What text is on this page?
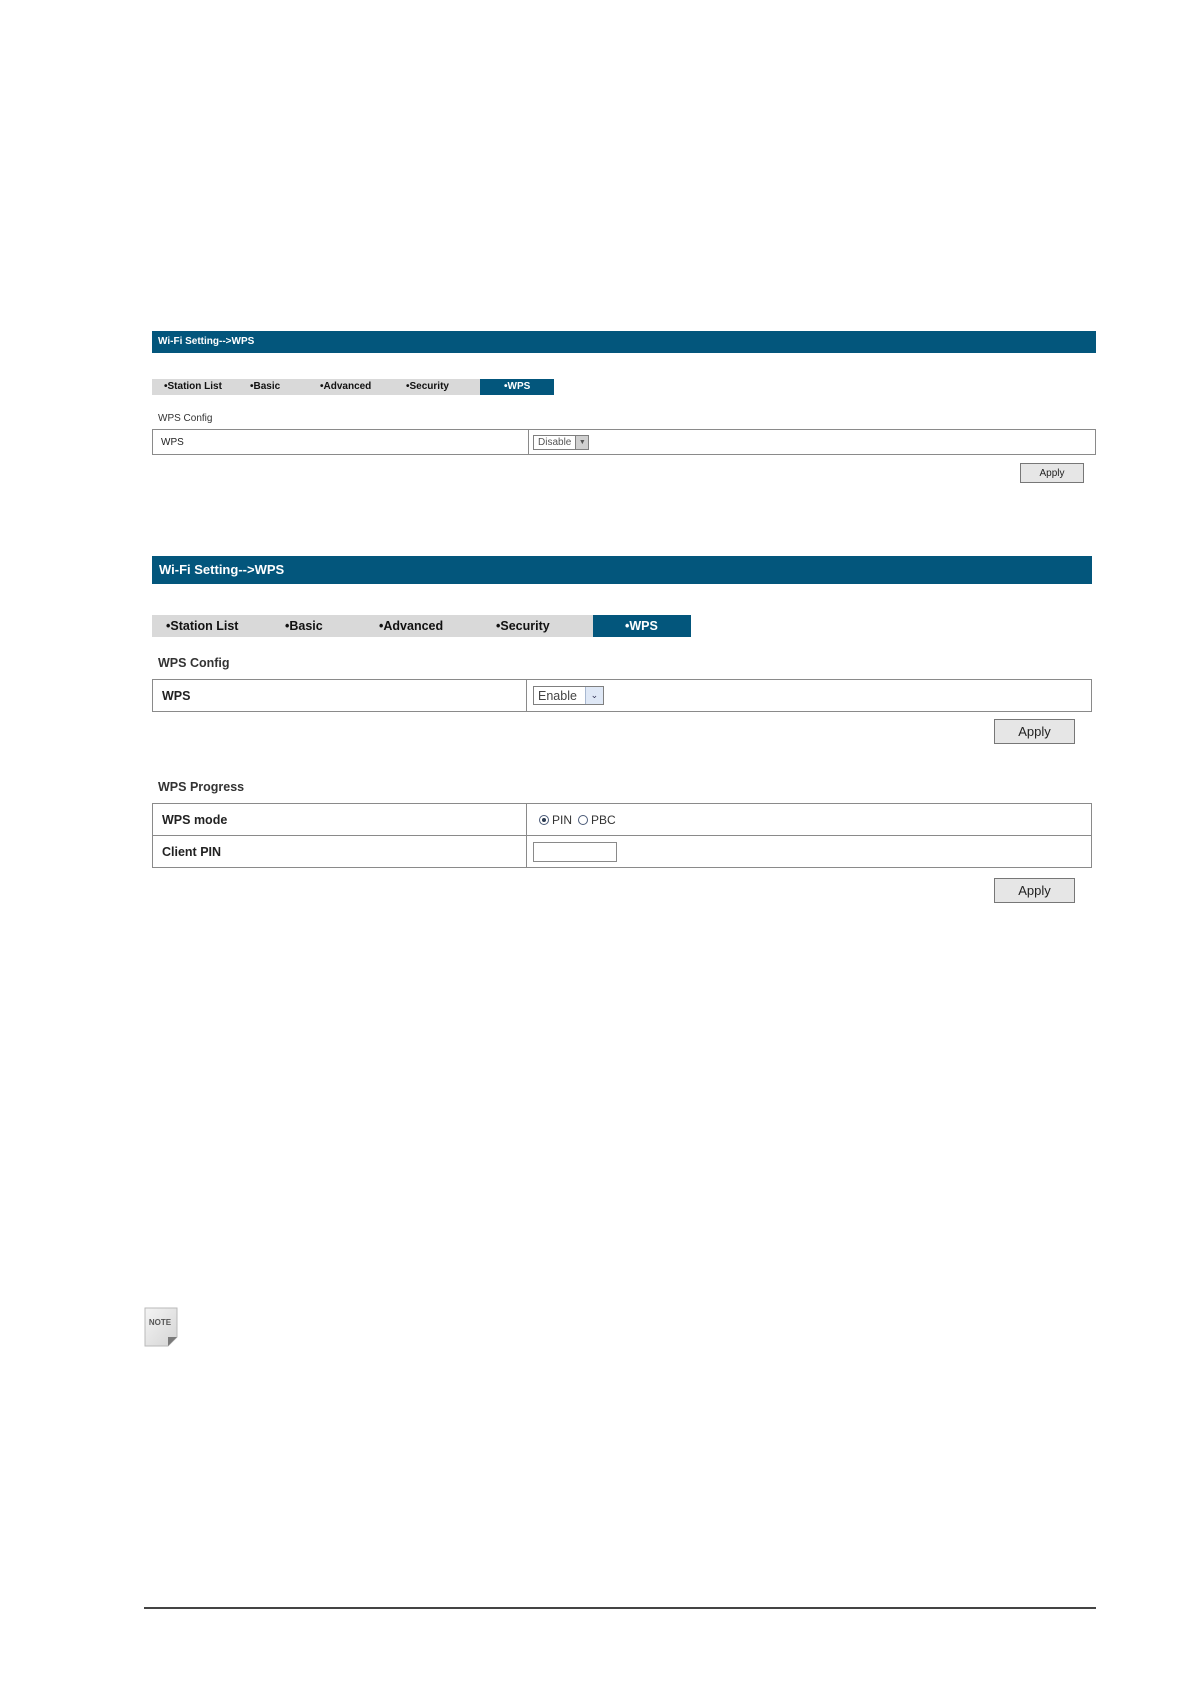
Wi-Fi Setting-->WPS
•Station List	•Basic	•Advanced	•Security	•WPS
WPS Config
WPS	Disable	▼
Apply
Wi-Fi Setting-->WPS
•Station List	•Basic	•Advanced	•Security	•WPS
WPS Config
WPS	Enable	⌄
Apply
WPS Progress
WPS mode	PIN PBC
Client PIN	
Apply
NOTE
